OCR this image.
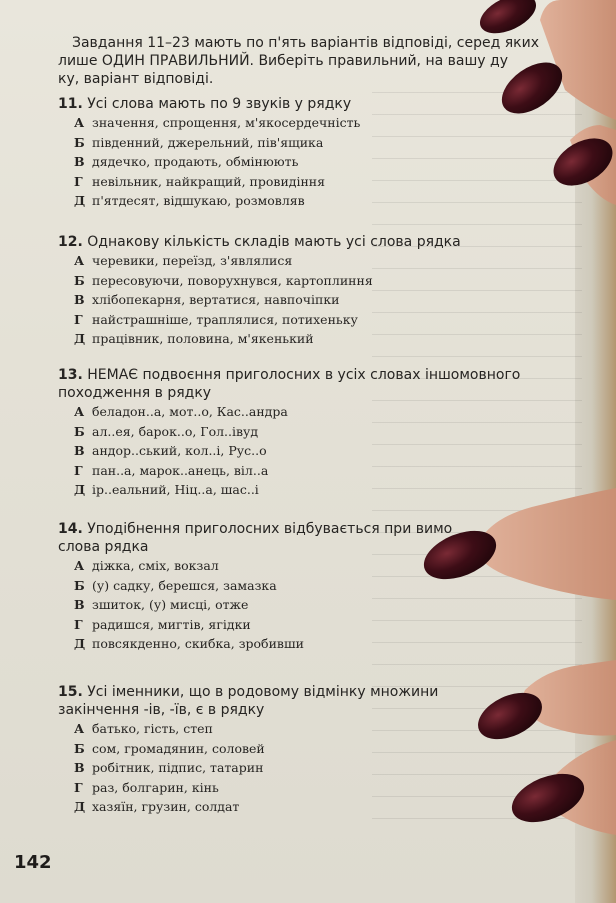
Завдання 11–23 мають по п'ять варіантів відповіді, серед яких
лише ОДИН ПРАВИЛЬНИЙ. Виберіть правильний, на вашу ду
ку, варіант відповіді.
11. Усі слова мають по 9 звуків у рядку
А значення, спрощення, м'якосердечність
Б південний, джерельний, пів'ящика
В дядечко, продають, обмінюють
Г невільник, найкращий, провидіння
Д п'ятдесят, відшукаю, розмовляв
12. Однакову кількість складів мають усі слова рядка
А черевики, переїзд, з'являлися
Б пересовуючи, поворухнувся, картоплиння
В хлібопекарня, вертатися, навпочіпки
Г найстрашніше, траплялися, потихеньку
Д працівник, половина, м'якенький
13. НЕМАЄ подвоєння приголосних в усіх словах іншомовного
походження в рядку
А беладон..а, мот..о, Кас..андра
Б ал..ея, барок..о, Гол..івуд
В андор..ський, кол..і, Рус..о
Г пан..а, марок..анець, віл..а
Д ір..еальний, Ніц..а, шас..і
14. Уподібнення приголосних відбувається при вимо
слова рядка
А діжка, сміх, вокзал
Б (у) садку, берешся, замазка
В зшиток, (у) мисці, отже
Г радишся, мигтів, ягідки
Д повсякденно, скибка, зробивши
15. Усі іменники, що в родовому відмінку множини
закінчення -ів, -їв, є в рядку
А батько, гість, степ
Б сом, громадянин, соловей
В робітник, підпис, татарин
Г раз, болгарин, кінь
Д хазяїн, грузин, солдат
142
